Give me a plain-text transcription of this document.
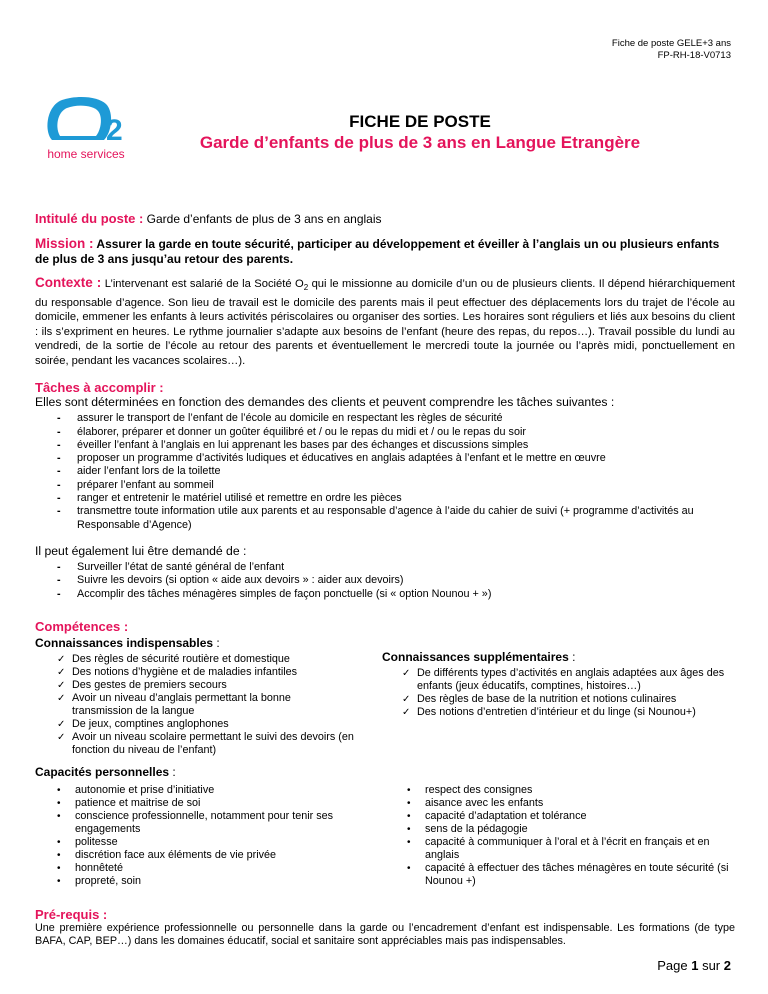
Fiche de poste GELE+3 ans
FP-RH-18-V0713
2
home services
FICHE DE POSTE
Garde d’enfants de plus de 3 ans en Langue Etrangère
Intitulé du poste : Garde d’enfants de plus de 3 ans en anglais
Mission : Assurer la garde en toute sécurité, participer au développement et éveiller à l’anglais un ou plusieurs enfants de plus de 3 ans jusqu’au retour des parents.

Contexte : L’intervenant est salarié de la Société $O_2$ qui le missionne au domicile d’un ou de plusieurs clients. Il dépend hiérarchiquement du responsable d’agence. Son lieu de travail est le domicile des parents mais il peut effectuer des déplacements lors du trajet de l’école au domicile, emmener les enfants à leurs activités périscolaires ou organiser des sorties. Les horaires sont réguliers et liés aux besoins du client : ils s’expriment en heures. Le rythme journalier s’adapte aux besoins de l’enfant (heure des repas, du repos…). Travail possible du lundi au vendredi, de la sortie de l’école au retour des parents et éventuellement le mercredi toute la journée ou l’après midi, ponctuellement en soirée, pendant les vacances scolaires…).

Tâches à accomplir :

Elles sont déterminées en fonction des demandes des clients et peuvent comprendre les tâches suivantes :

- assurer le transport de l’enfant de l’école au domicile en respectant les règles de sécurité
- élaborer, préparer et donner un goûter équilibré et / ou le repas du midi et / ou le repas du soir
- éveiller l’enfant à l’anglais en lui apprenant les bases par des échanges et discussions simples
- proposer un programme d’activités ludiques et éducatives en anglais adaptées à l’enfant et le mettre en œuvre
- aider l’enfant lors de la toilette
- préparer l’enfant au sommeil
- ranger et entretenir le matériel utilisé et remettre en ordre les pièces
- transmettre toute information utile aux parents et au responsable d’agence à l’aide du cahier de suivi (+ programme d’activités au Responsable d’Agence)

Il peut également lui être demandé de :

- Surveiller l’état de santé général de l’enfant
- Suivre les devoirs (si option « aide aux devoirs » : aider aux devoirs)
- Accomplir des tâches ménagères simples de façon ponctuelle (si « option Nounou + »)
Compétences :
Connaissances indispensables :
✓ Des règles de sécurité routière et domestique
✓ Des notions d’hygiène et de maladies infantiles
✓ Des gestes de premiers secours
✓ Avoir un niveau d’anglais permettant la bonne transmission de la langue
✓ De jeux, comptines anglophones
✓ Avoir un niveau scolaire permettant le suivi des devoirs (en fonction du niveau de l’enfant)
Connaissances supplémentaires :
✓ De différents types d’activités en anglais adaptées aux âges des enfants (jeux éducatifs, comptines, histoires…)
✓ Des règles de base de la nutrition et notions culinaires
✓ Des notions d’entretien d’intérieur et du linge (si Nounou+)
Capacités personnelles :
• autonomie et prise d’initiative
• patience et maitrise de soi
• conscience professionnelle, notamment pour tenir ses engagements
• politesse
• discrétion face aux éléments de vie privée
• honnêteté
• propreté, soin
• respect des consignes
• aisance avec les enfants
• capacité d’adaptation et tolérance
• sens de la pédagogie
• capacité à communiquer à l’oral et à l’écrit en français et en anglais
• capacité à effectuer des tâches ménagères en toute sécurité (si Nounou +)
Pré-requis :

Une première expérience professionnelle ou personnelle dans la garde ou l’encadrement d’enfant est indispensable. Les formations (de type BAFA, CAP, BEP…) dans les domaines éducatif, social et sanitaire sont appréciables mais pas indispensables.

Page 1 sur 2
